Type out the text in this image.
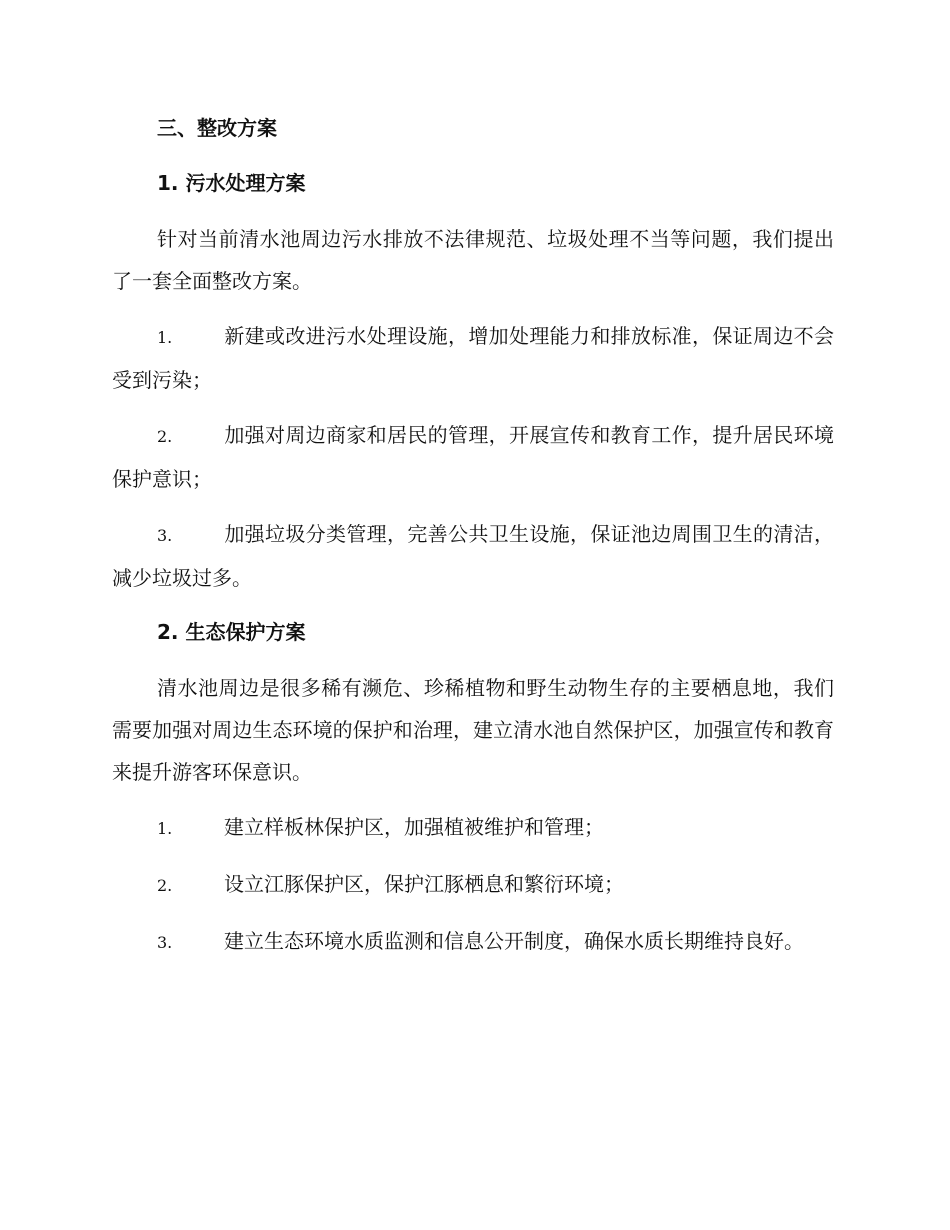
三、整改方案
1. 污水处理方案

针对当前清水池周边污水排放不法律规范、垃圾处理不当等问题，我们提出了一套全面整改方案。

1.	新建或改进污水处理设施，增加处理能力和排放标准，保证周边不会受到污染；

2.	加强对周边商家和居民的管理，开展宣传和教育工作，提升居民环境保护意识；

3.	加强垃圾分类管理，完善公共卫生设施，保证池边周围卫生的清洁，减少垃圾过多。

2. 生态保护方案

清水池周边是很多稀有濒危、珍稀植物和野生动物生存的主要栖息地，我们需要加强对周边生态环境的保护和治理，建立清水池自然保护区，加强宣传和教育来提升游客环保意识。

1.	建立样板林保护区，加强植被维护和管理；

2.	设立江豚保护区，保护江豚栖息和繁衍环境；

3.	建立生态环境水质监测和信息公开制度，确保水质长期维持良好。
